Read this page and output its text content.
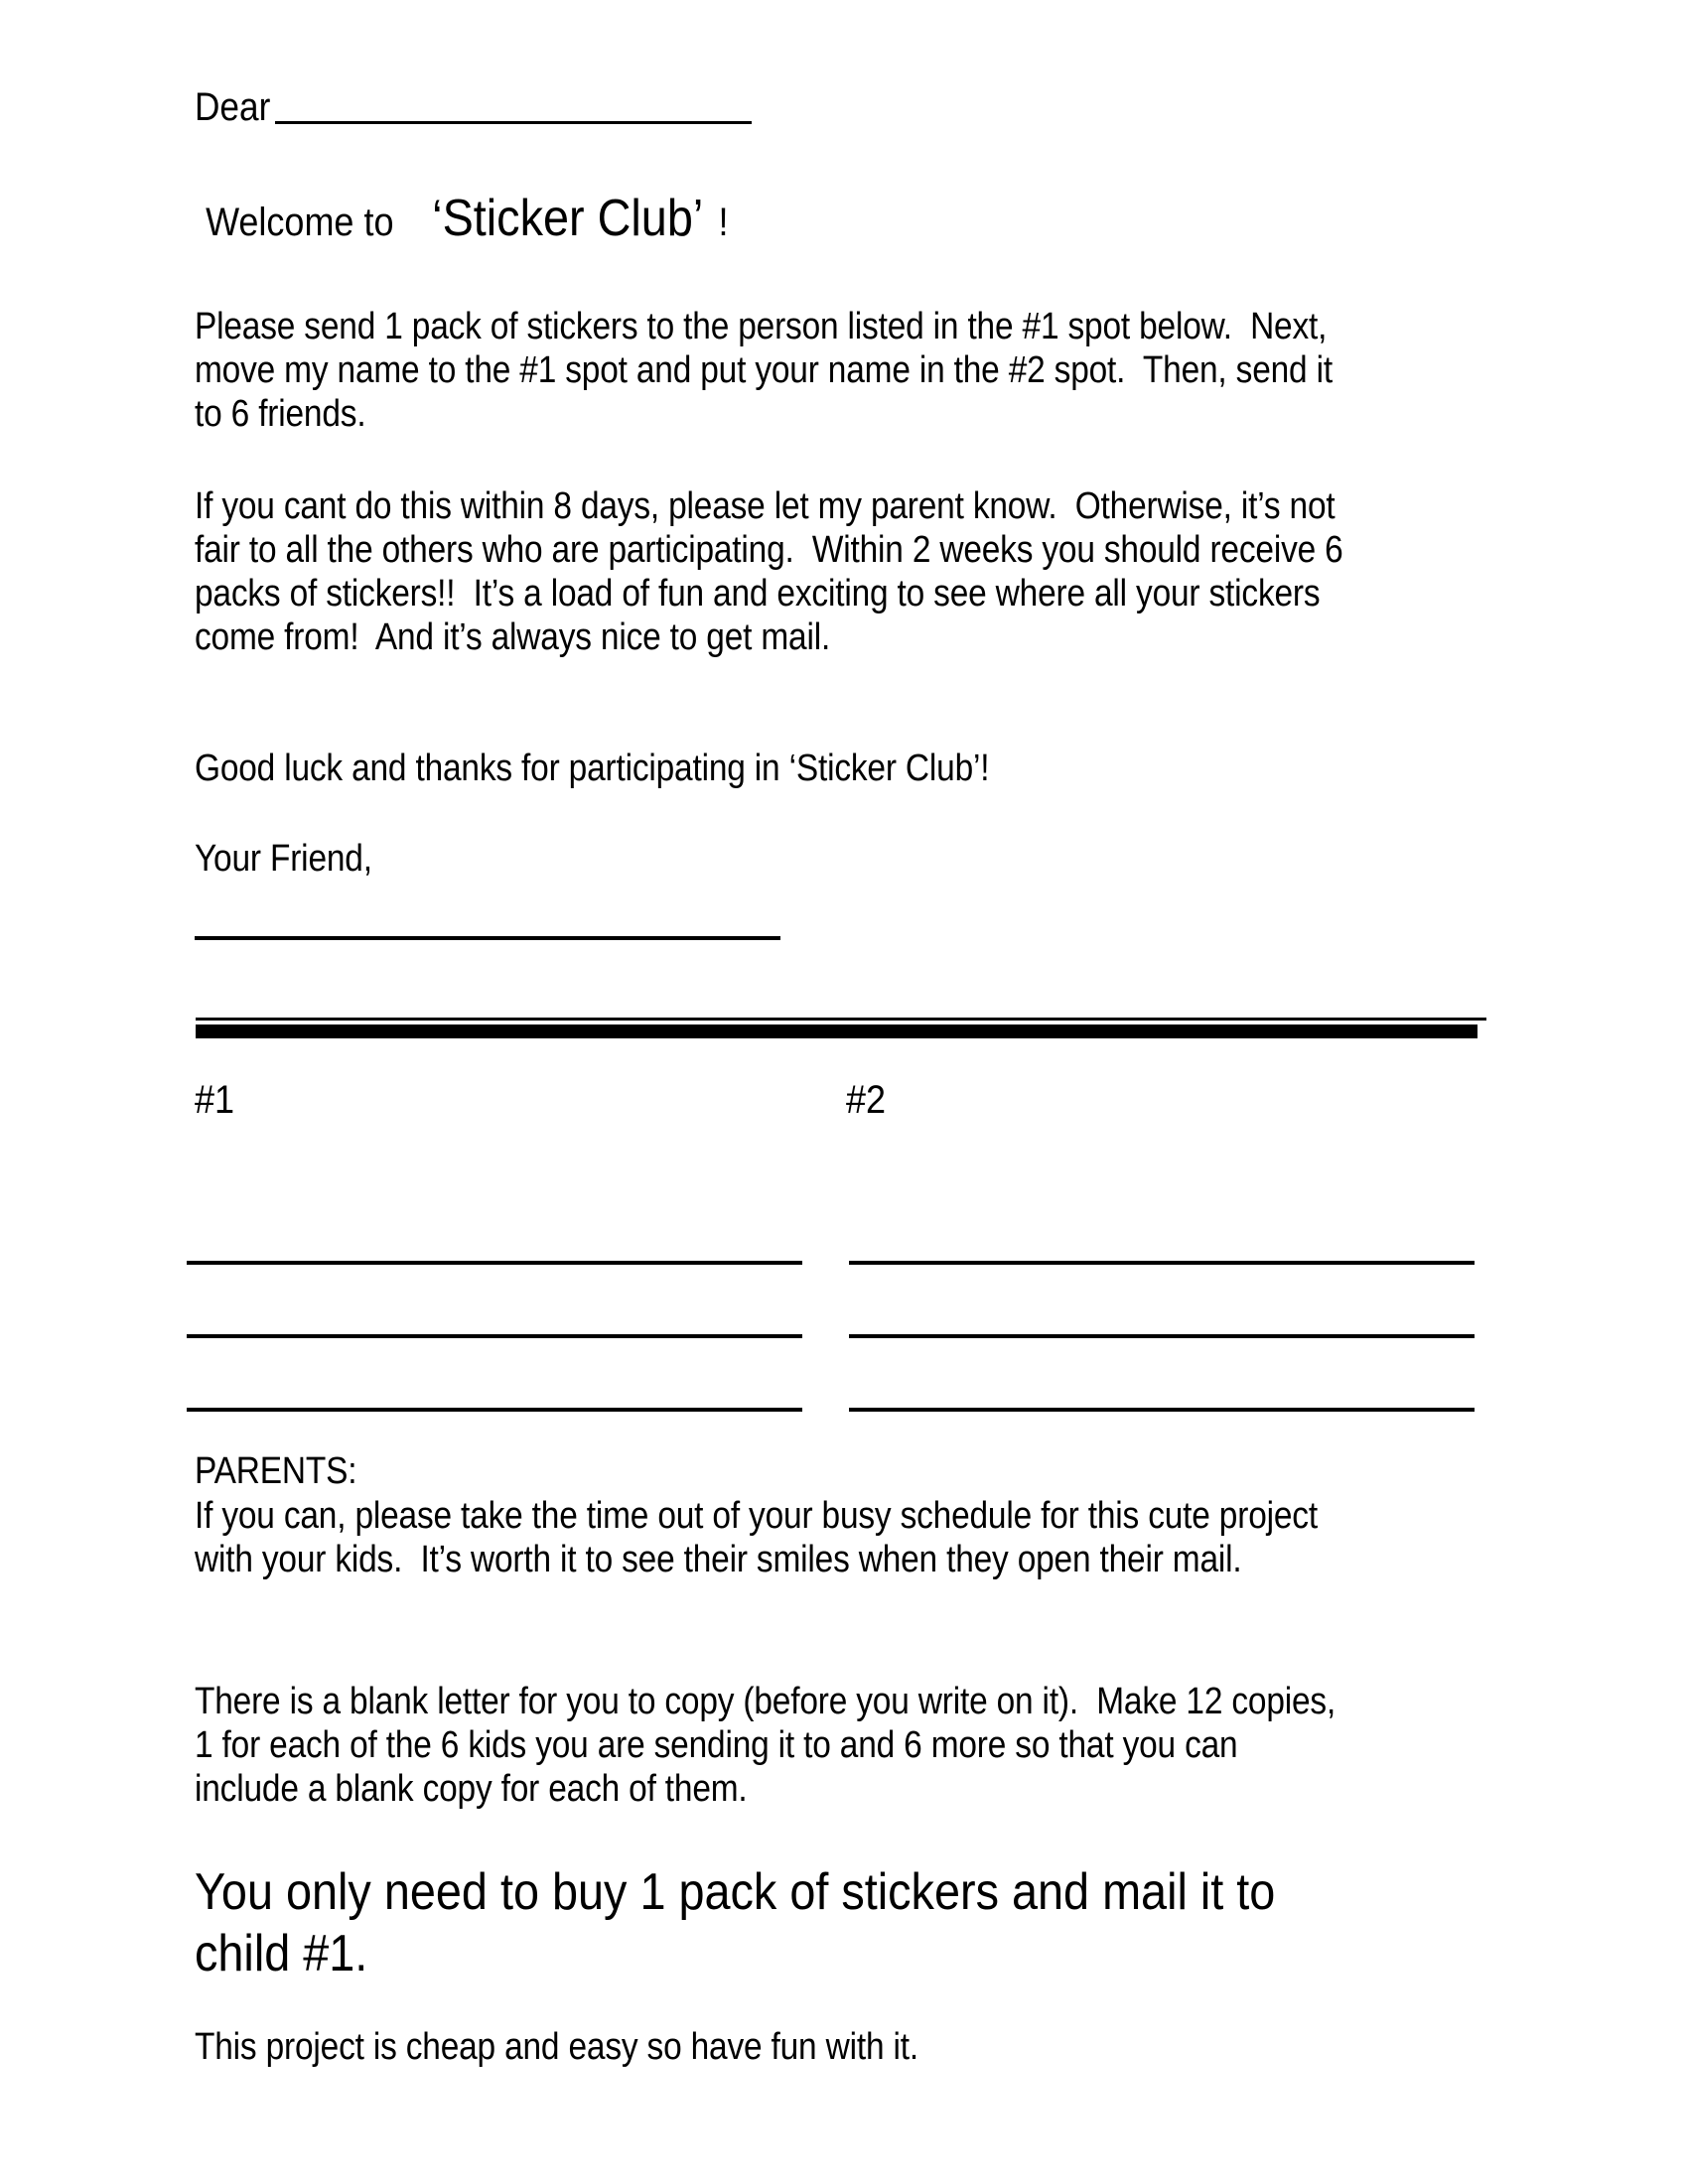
Dear
Welcome to ‘Sticker Club’ !
Please send 1 pack of stickers to the person listed in the #1 spot below.  Next, move my name to the #1 spot and put your name in the #2 spot.  Then, send it to 6 friends.
If you cant do this within 8 days, please let my parent know.  Otherwise, it’s not fair to all the others who are participating.  Within 2 weeks you should receive 6 packs of stickers!!  It’s a load of fun and exciting to see where all your stickers come from!  And it’s always nice to get mail.
Good luck and thanks for participating in ‘Sticker Club’!
Your Friend,
#1	#2
PARENTS:
If you can, please take the time out of your busy schedule for this cute project with your kids.  It’s worth it to see their smiles when they open their mail.
There is a blank letter for you to copy (before you write on it).  Make 12 copies, 1 for each of the 6 kids you are sending it to and 6 more so that you can include a blank copy for each of them.
You only need to buy 1 pack of stickers and mail it to child #1.
This project is cheap and easy so have fun with it.
